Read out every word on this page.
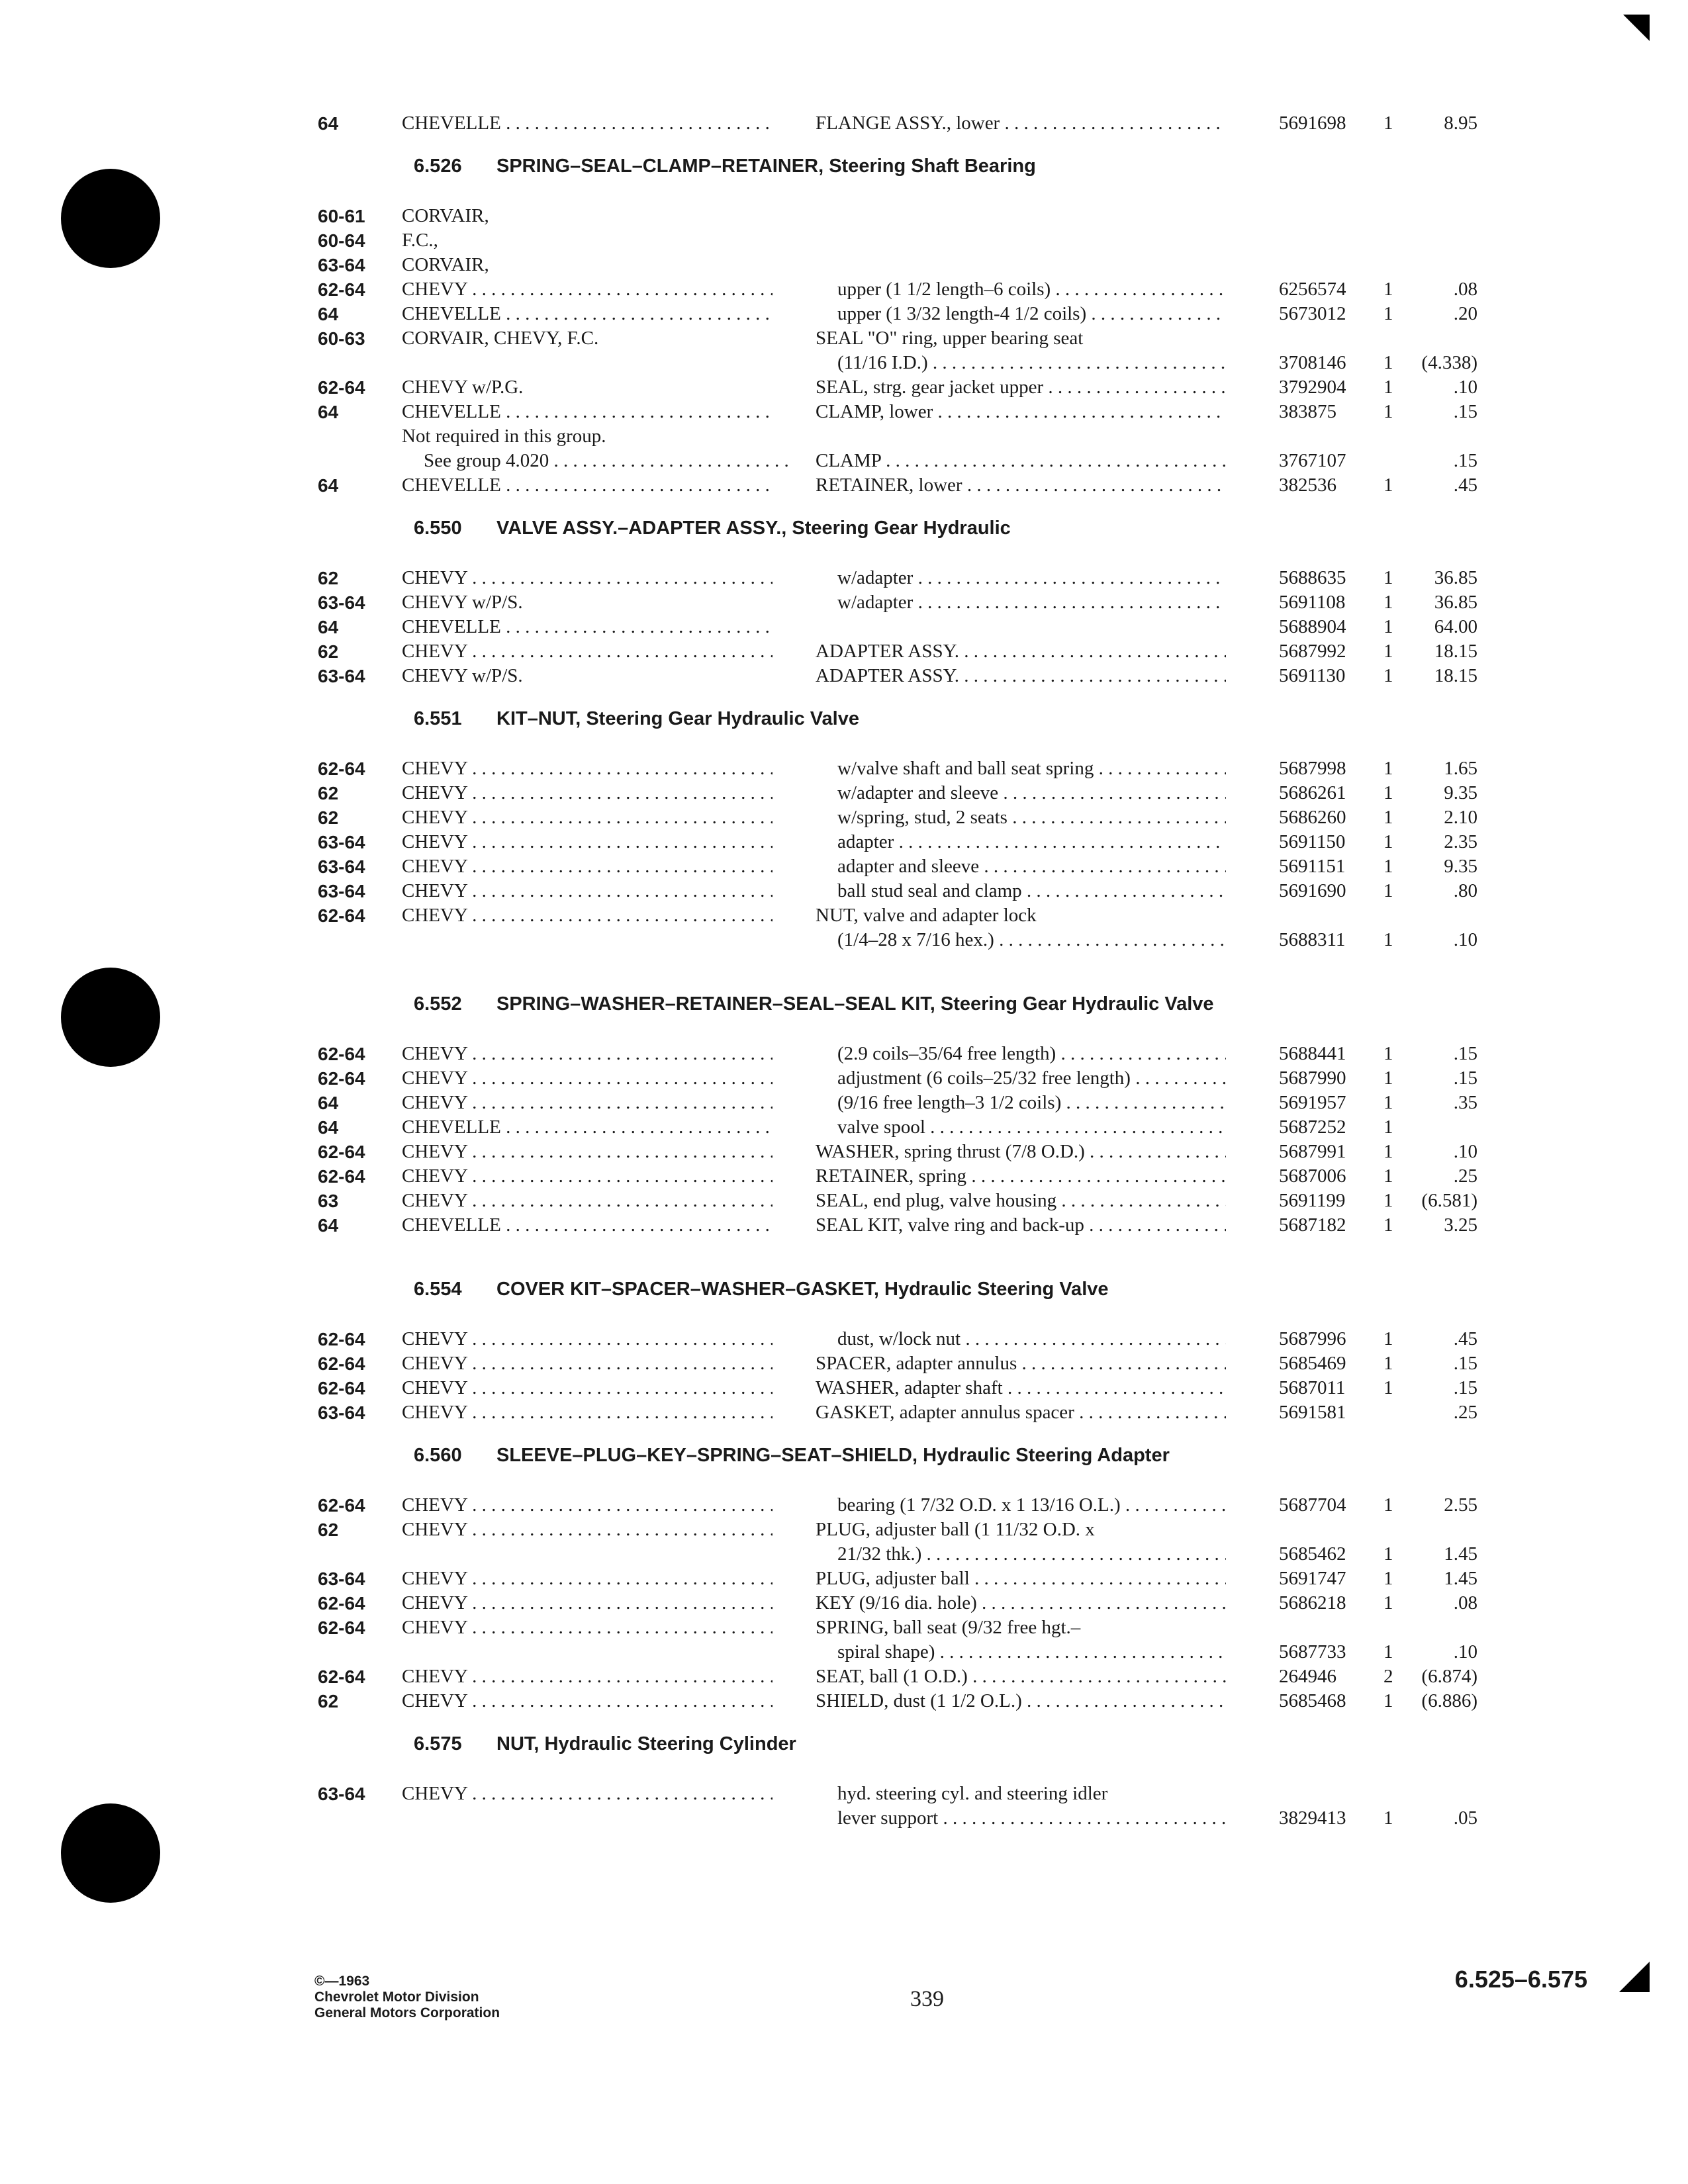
64	CHEVELLE . . .	FLANGE ASSY., lower . . .	5691698 1	8.95
6.526 SPRING–SEAL–CLAMP–RETAINER, Steering Shaft Bearing
60-61 CORVAIR,
60-64 F.C.,
63-64 CORVAIR,
62-64 CHEVY . . .	upper (1 1/2 length–6 coils) . . .	6256574 1	.08
64	CHEVELLE . . .	upper (1 3/32 length-4 1/2 coils) . . .	5673012 1	.20
60-63 CORVAIR, CHEVY, F.C.	SEAL "O" ring, upper bearing seat
(11/16 I.D.) . . .	3708146 1 (4.338)
62-64 CHEVY w/P.G.	SEAL, strg. gear jacket upper . . .	3792904 1	.10
64	CHEVELLE . . .	CLAMP, lower . . .	383875 1	.15
Not required in this group.
See group 4.020 . . .	CLAMP . . .	3767107	.15
64	CHEVELLE . . .	RETAINER, lower . . .	382536 1	.45
6.550 VALVE ASSY.–ADAPTER ASSY., Steering Gear Hydraulic
62	CHEVY . . .	w/adapter . . .	5688635 1 36.85
63-64 CHEVY w/P/S.	w/adapter . . .	5691108 1 36.85
64	CHEVELLE . . .	5688904 1 64.00
62	CHEVY . . .	ADAPTER ASSY. . . .	5687992 1 18.15
63-64 CHEVY w/P/S.	ADAPTER ASSY. . . .	5691130 1 18.15
6.551 KIT–NUT, Steering Gear Hydraulic Valve
62-64 CHEVY . . .	w/valve shaft and ball seat spring . . .	5687998 1	1.65
62	CHEVY . . .	w/adapter and sleeve . . .	5686261 1	9.35
62	CHEVY . . .	w/spring, stud, 2 seats . . .	5686260 1	2.10
63-64 CHEVY . . .	adapter . . .	5691150 1	2.35
63-64 CHEVY . . .	adapter and sleeve . . .	5691151 1	9.35
63-64 CHEVY . . .	ball stud seal and clamp . . .	5691690 1	.80
62-64 CHEVY . . .	NUT, valve and adapter lock
(1/4–28 x 7/16 hex.) . . .	5688311 1	.10
6.552 SPRING–WASHER–RETAINER–SEAL–SEAL KIT, Steering Gear Hydraulic Valve
62-64 CHEVY . . .	(2.9 coils–35/64 free length) . . .	5688441 1	.15
62-64 CHEVY . . .	adjustment (6 coils–25/32 free length) . . .	5687990 1	.15
64	CHEVY . . .	(9/16 free length–3 1/2 coils) . . .	5691957 1	.35
64	CHEVELLE . . .	valve spool . . .	5687252 1
62-64 CHEVY . . .	WASHER, spring thrust (7/8 O.D.) . . .	5687991 1	.10
62-64 CHEVY . . .	RETAINER, spring . . .	5687006 1	.25
63	CHEVY . . .	SEAL, end plug, valve housing . . .	5691199 1 (6.581)
64	CHEVELLE . . .	SEAL KIT, valve ring and back-up . . .	5687182 1	3.25
6.554 COVER KIT–SPACER–WASHER–GASKET, Hydraulic Steering Valve
62-64 CHEVY . . .	dust, w/lock nut . . .	5687996 1	.45
62-64 CHEVY . . .	SPACER, adapter annulus . . .	5685469 1	.15
62-64 CHEVY . . .	WASHER, adapter shaft . . .	5687011 1	.15
63-64 CHEVY . . .	GASKET, adapter annulus spacer . . .	5691581	.25
6.560 SLEEVE–PLUG–KEY–SPRING–SEAT–SHIELD, Hydraulic Steering Adapter
62-64 CHEVY . . .	bearing (1 7/32 O.D. x 1 13/16 O.L.) . . . .	5687704 1	2.55
62	CHEVY . . .	PLUG, adjuster ball (1 11/32 O.D. x
21/32 thk.) . . .	5685462 1	1.45
63-64 CHEVY . . .	PLUG, adjuster ball . . .	5691747 1	1.45
62-64 CHEVY . . .	KEY (9/16 dia. hole) . . .	5686218 1	.08
62-64 CHEVY . . .	SPRING, ball seat (9/32 free hgt.–
spiral shape) . . .	5687733 1	.10
62-64 CHEVY . . .	SEAT, ball (1 O.D.) . . .	264946 2 (6.874)
62	CHEVY . . .	SHIELD, dust (1 1/2 O.L.) . . .	5685468 1 (6.886)
6.575 NUT, Hydraulic Steering Cylinder
63-64 CHEVY . . .	hyd. steering cyl. and steering idler
lever support . . .	3829413 1	.05
©—1963
Chevrolet Motor Division
General Motors Corporation
339
6.525–6.575
